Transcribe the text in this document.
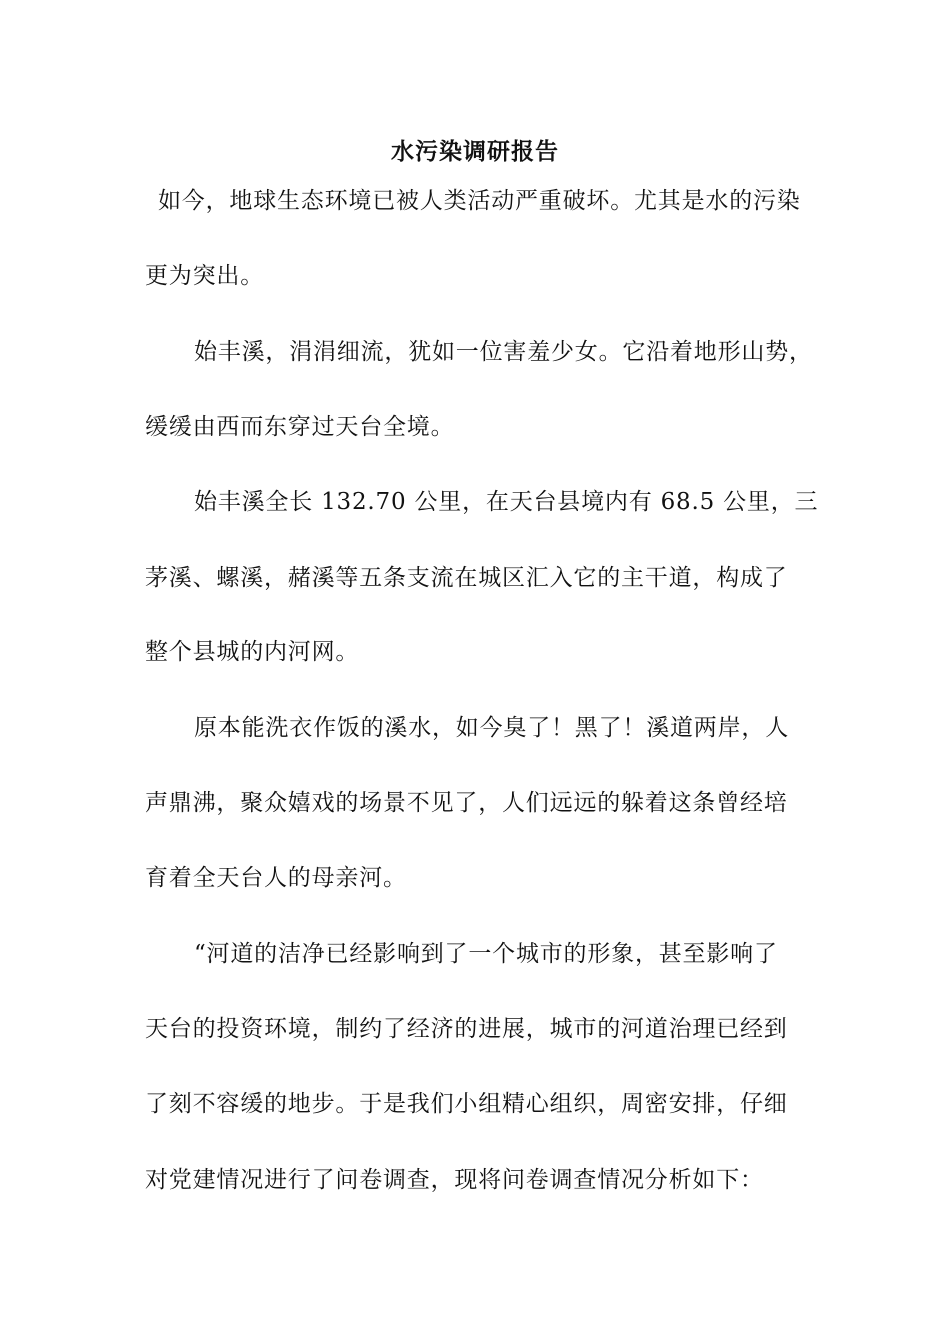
水污染调研报告
如今，地球生态环境已被人类活动严重破坏。尤其是水的污染
更为突出。
始丰溪，涓涓细流，犹如一位害羞少女。它沿着地形山势，
缓缓由西而东穿过天台全境。
始丰溪全长 132.70 公里，在天台县境内有 68.5 公里，三
茅溪、螺溪，赭溪等五条支流在城区汇入它的主干道，构成了
整个县城的内河网。
原本能洗衣作饭的溪水，如今臭了！黑了！溪道两岸，人
声鼎沸，聚众嬉戏的场景不见了，人们远远的躲着这条曾经培
育着全天台人的母亲河。
“河道的洁净已经影响到了一个城市的形象，甚至影响了
天台的投资环境，制约了经济的进展，城市的河道治理已经到
了刻不容缓的地步。于是我们小组精心组织，周密安排，仔细
对党建情况进行了问卷调查，现将问卷调查情况分析如下：
